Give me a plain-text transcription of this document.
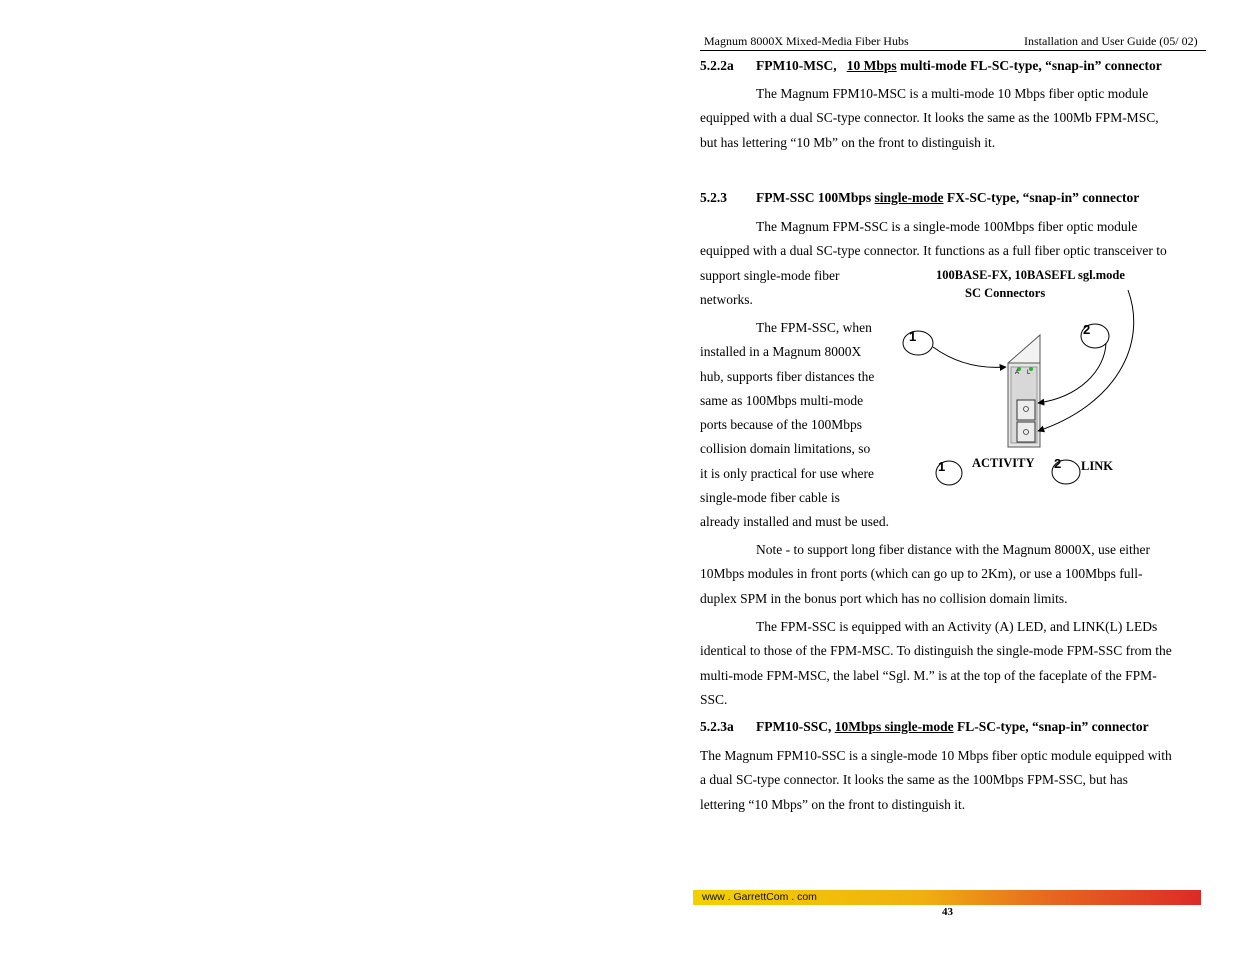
Magnum 8000X Mixed-Media Fiber Hubs	Installation and User Guide (05/ 02)
5.2.2a FPM10-MSC, 10 Mbps multi-mode FL-SC-type, “snap-in” connector
The Magnum FPM10-MSC is a multi-mode 10 Mbps fiber optic module
equipped with a dual SC-type connector. It looks the same as the 100Mb FPM-MSC,
but has lettering “10 Mb” on the front to distinguish it.
5.2.3 FPM-SSC 100Mbps single-mode FX-SC-type, “snap-in” connector
The Magnum FPM-SSC is a single-mode 100Mbps fiber optic module
equipped with a dual SC-type connector. It functions as a full fiber optic transceiver to
support single-mode fiber
networks.
The FPM-SSC, when
installed in a Magnum 8000X
hub, supports fiber distances the
same as 100Mbps multi-mode
ports because of the 100Mbps
collision domain limitations, so
it is only practical for use where
single-mode fiber cable is
already installed and must be used.
100BASE-FX, 10BASEFL sgl.mode
SC Connectors
1	2
A L
1 ACTIVITY 2 LINK
Note - to support long fiber distance with the Magnum 8000X, use either
10Mbps modules in front ports (which can go up to 2Km), or use a 100Mbps full-
duplex SPM in the bonus port which has no collision domain limits.
The FPM-SSC is equipped with an Activity (A) LED, and LINK(L) LEDs
identical to those of the FPM-MSC. To distinguish the single-mode FPM-SSC from the
multi-mode FPM-MSC, the label “Sgl. M.” is at the top of the faceplate of the FPM-
SSC.
5.2.3a FPM10-SSC, 10Mbps single-mode FL-SC-type, “snap-in” connector
The Magnum FPM10-SSC is a single-mode 10 Mbps fiber optic module equipped with
a dual SC-type connector. It looks the same as the 100Mbps FPM-SSC, but has
lettering “10 Mbps” on the front to distinguish it.
www . GarrettCom . com
43
